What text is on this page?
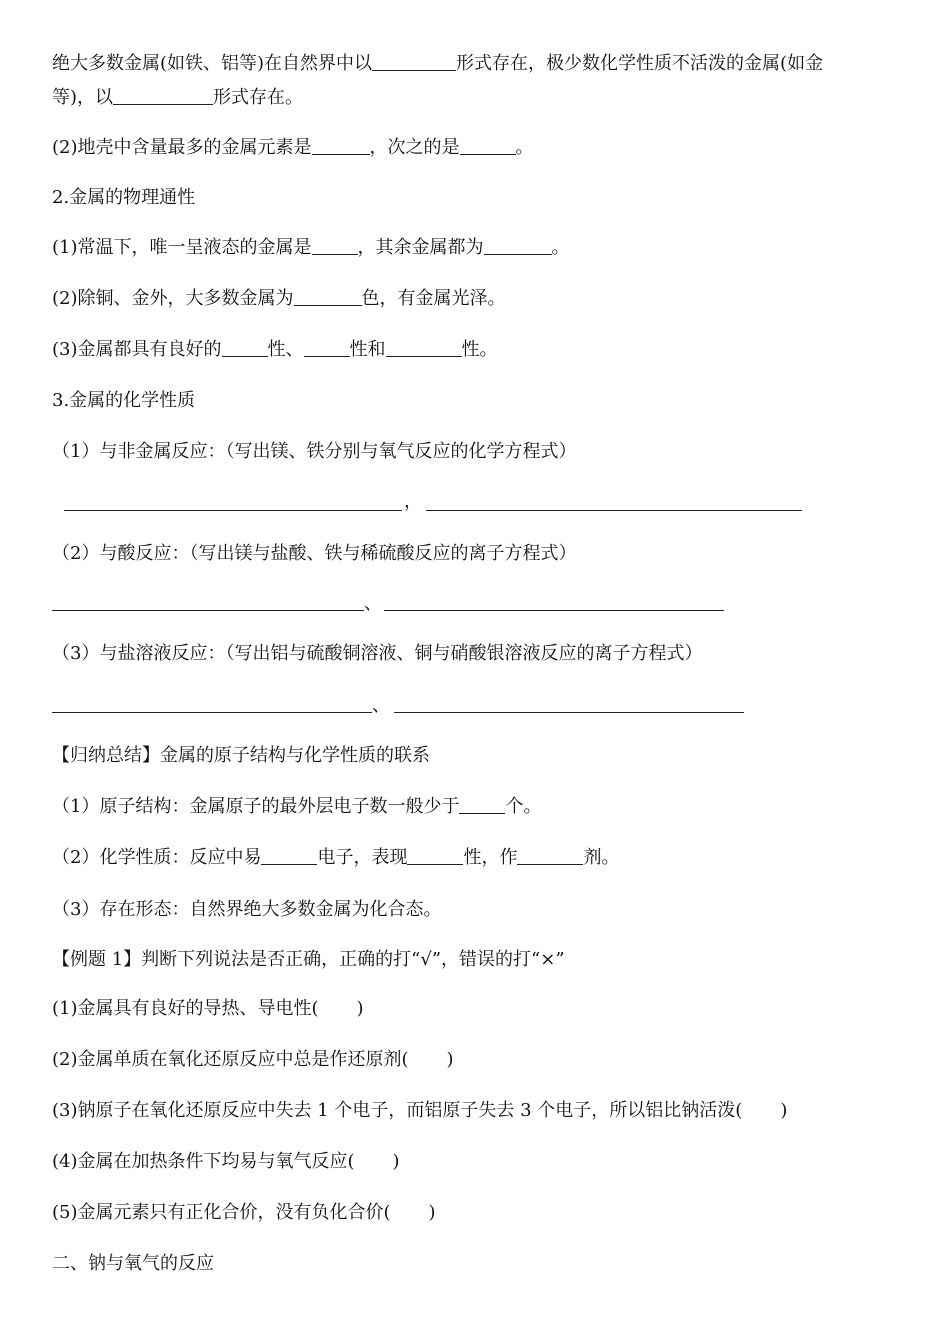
绝大多数金属(如铁、铝等)在自然界中以	形式存在，极少数化学性质不活泼的金属(如金
等)，以	形式存在。
(2)地壳中含量最多的金属元素是	，次之的是	。
2.金属的物理通性
(1)常温下，唯一呈液态的金属是	，其余金属都为	。
(2)除铜、金外，大多数金属为	色，有金属光泽。
(3)金属都具有良好的	性、	性和	性。
3.金属的化学性质
（1）与非金属反应：（写出镁、铁分别与氧气反应的化学方程式）
，
（2）与酸反应：（写出镁与盐酸、铁与稀硫酸反应的离子方程式）
、
（3）与盐溶液反应：（写出铝与硫酸铜溶液、铜与硝酸银溶液反应的离子方程式）
、
【归纳总结】金属的原子结构与化学性质的联系
（1）原子结构：金属原子的最外层电子数一般少于	个。
（2）化学性质：反应中易	电子，表现	性，作	剂。
（3）存在形态：自然界绝大多数金属为化合态。
【例题 1】判断下列说法是否正确，正确的打“√”，错误的打“×”
(1)金属具有良好的导热、导电性( )
(2)金属单质在氧化还原反应中总是作还原剂( )
(3)钠原子在氧化还原反应中失去 1 个电子，而铝原子失去 3 个电子，所以铝比钠活泼( )
(4)金属在加热条件下均易与氧气反应( )
(5)金属元素只有正化合价，没有负化合价( )
二、钠与氧气的反应
